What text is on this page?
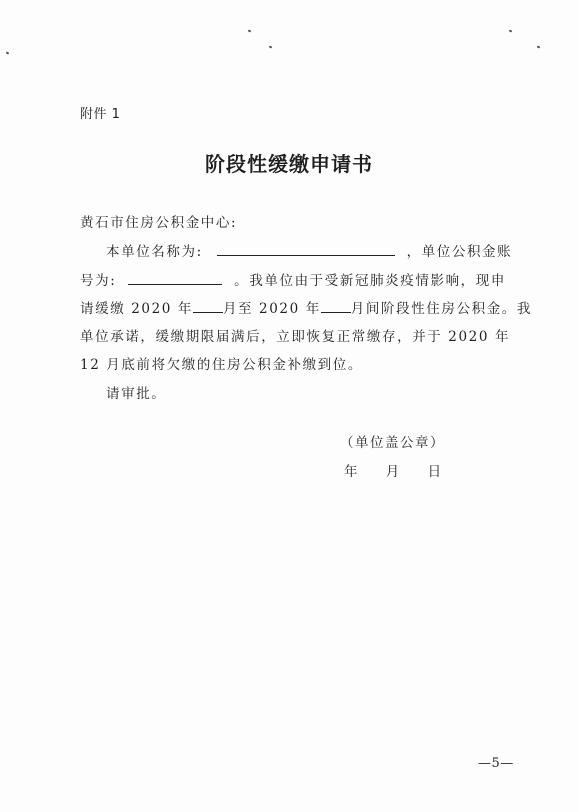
附件 1
阶段性缓缴申请书
黄石市住房公积金中心:
本单位名称为:	，单位公积金账
号为:	。我单位由于受新冠肺炎疫情影响，现申
请缓缴 2020 年 月至 2020 年 月间阶段性住房公积金。我
单位承诺，缓缴期限届满后，立即恢复正常缴存，并于 2020 年
12 月底前将欠缴的住房公积金补缴到位。
请审批。
（单位盖公章）
年 月 日
—5—
